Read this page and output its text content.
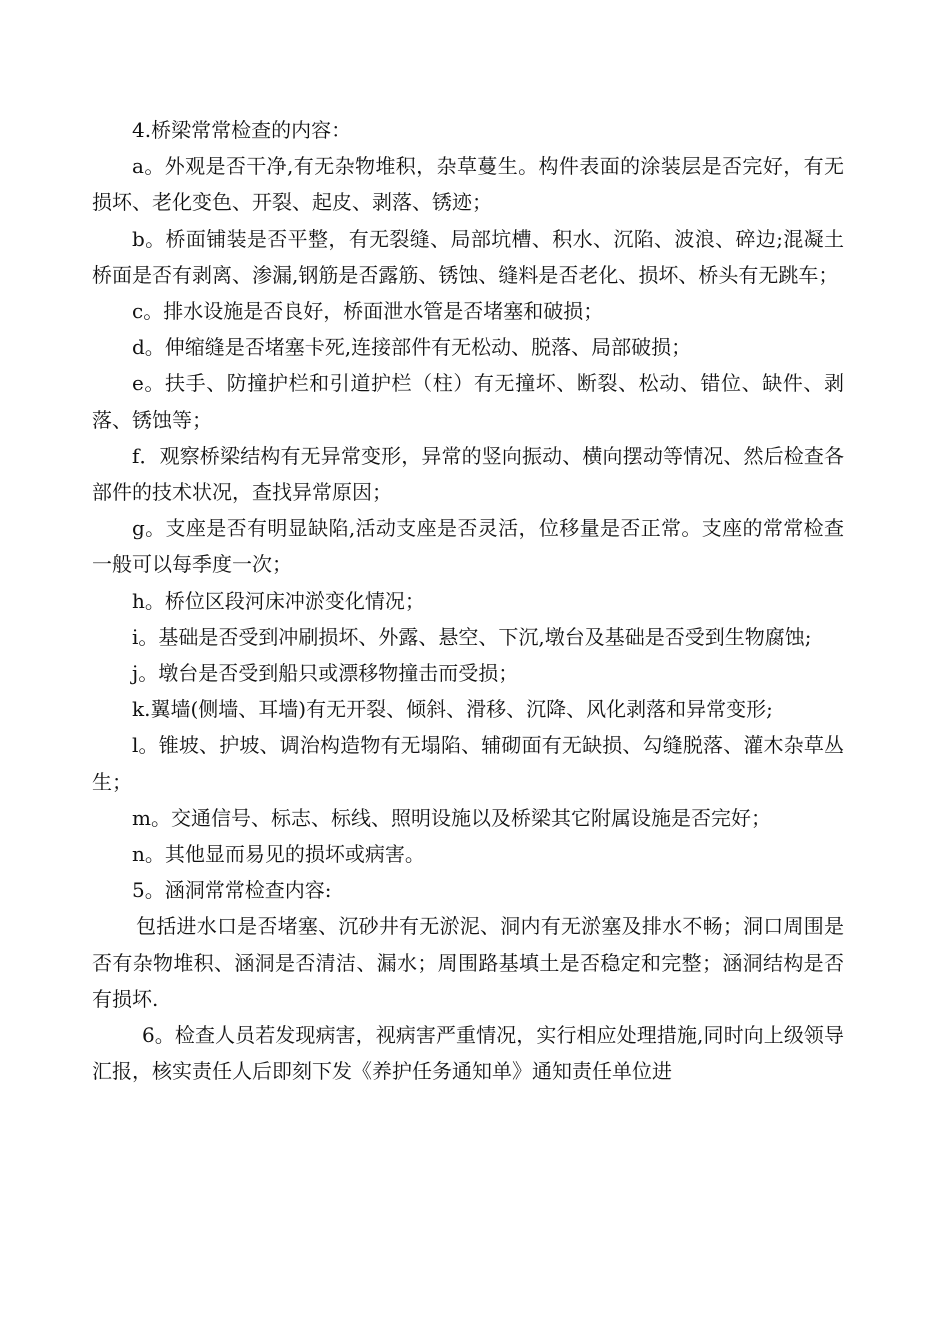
4.桥梁常常检查的内容：

a。外观是否干净,有无杂物堆积，杂草蔓生。构件表面的涂装层是否完好，有无损坏、老化变色、开裂、起皮、剥落、锈迹；

b。桥面铺装是否平整，有无裂缝、局部坑槽、积水、沉陷、波浪、碎边;混凝土桥面是否有剥离、渗漏,钢筋是否露筋、锈蚀、缝料是否老化、损坏、桥头有无跳车；

c。排水设施是否良好，桥面泄水管是否堵塞和破损；

d。伸缩缝是否堵塞卡死,连接部件有无松动、脱落、局部破损；

e。扶手、防撞护栏和引道护栏（柱）有无撞坏、断裂、松动、错位、缺件、剥落、锈蚀等；

f．观察桥梁结构有无异常变形，异常的竖向振动、横向摆动等情况、然后检查各部件的技术状况，查找异常原因；

g。支座是否有明显缺陷,活动支座是否灵活，位移量是否正常。支座的常常检查一般可以每季度一次；

h。桥位区段河床冲淤变化情况；

i。基础是否受到冲刷损坏、外露、悬空、下沉,墩台及基础是否受到生物腐蚀;

j。墩台是否受到船只或漂移物撞击而受损；

k.翼墙(侧墙、耳墙)有无开裂、倾斜、滑移、沉降、风化剥落和异常变形;

l。锥坡、护坡、调治构造物有无塌陷、辅砌面有无缺损、勾缝脱落、灌木杂草丛生；

m。交通信号、标志、标线、照明设施以及桥梁其它附属设施是否完好；

n。其他显而易见的损坏或病害。

5。涵洞常常检查内容:

包括进水口是否堵塞、沉砂井有无淤泥、洞内有无淤塞及排水不畅；洞口周围是否有杂物堆积、涵洞是否清洁、漏水；周围路基填土是否稳定和完整；涵洞结构是否有损坏.

6。检查人员若发现病害，视病害严重情况，实行相应处理措施,同时向上级领导汇报，核实责任人后即刻下发《养护任务通知单》通知责任单位进
